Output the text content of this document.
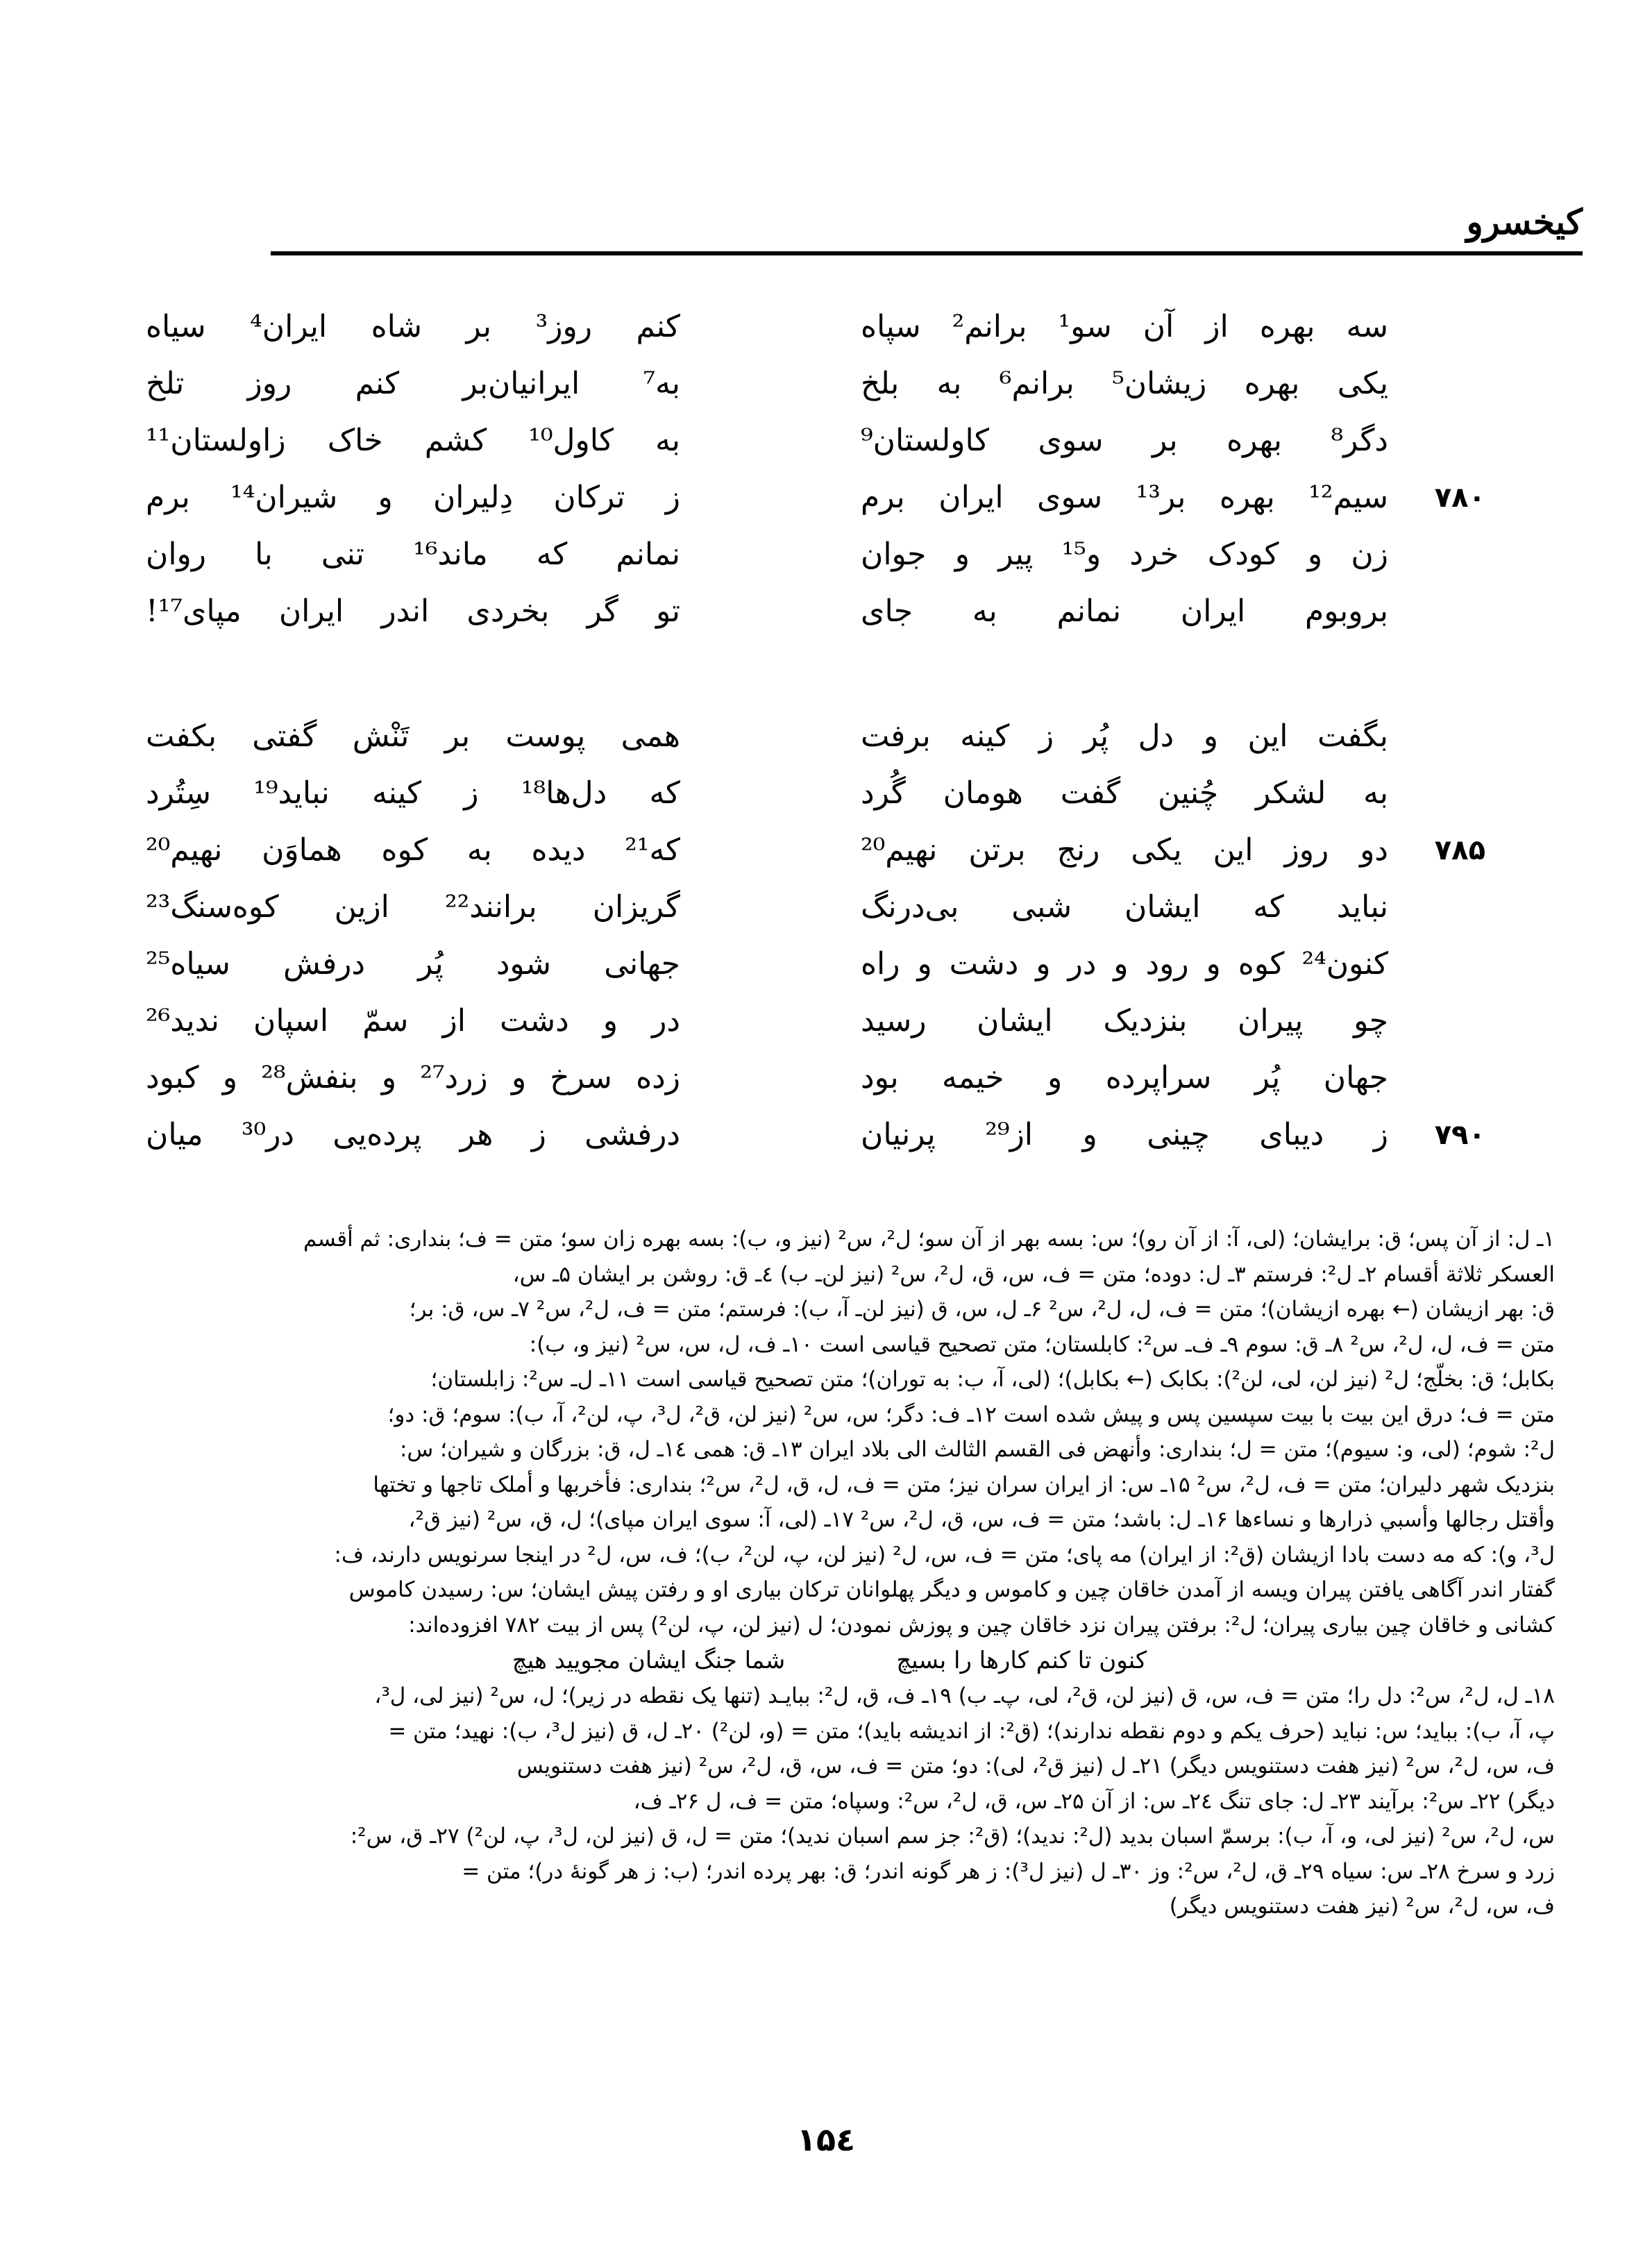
کیخسرو
سه بهره از آن سو¹ برانم² سپاه
کنم روز³ بر شاه ایران⁴ سیاه
یکی بهره زیشان⁵ برانم⁶ به بلخ
به⁷ ایرانیان‌بر کنم روز تلخ
دگر⁸ بهره بر سوی کاولستان⁹
به کاول¹⁰ کشم خاک زاولستان¹¹
۷۸۰
سیم¹² بهره بر¹³ سوی ایران برم
ز ترکان دِلیران و شیران¹⁴ برم
زن و کودک خرد و¹⁵ پیر و جوان
نمانم که ماند¹⁶ تنی با روان
بروبوم ایران نمانم به جای
تو گر بخردی اندر ایران مپای¹⁷!
بگفت این و دل پُر ز کینه برفت
همی پوست بر تَنْش گفتی بکفت
به لشکر چُنین گفت هومان گُرد
که دل‌ها¹⁸ ز کینه نباید¹⁹ سِتُرد
۷۸۵
دو روز این یکی رنج برتن نهیم²⁰
که²¹ دیده به کوه هماوَن نهیم²⁰
نباید که ایشان شبی بی‌درنگ
گریزان برانند²² ازین کوه‌سنگ²³
کنون²⁴ کوه و رود و در و دشت و راه
جهانی شود پُر درفش سیاه²⁵
چو پیران بنزدیک ایشان رسید
در و دشت از سمّ اسپان ندید²⁶
جهان پُر سراپرده و خیمه بود
زده سرخ و زرد²⁷ و بنفش²⁸ و کبود
۷۹۰
ز دیبای چینی و از²⁹ پرنیان
درفشی ز هر پرده‌یی در³⁰ میان
۱ـ ل: از آن پس؛ ق: برایشان؛ (لی، آ: از آن رو)؛ س: بسه بهر از آن سو؛ ل²، س² (نیز و، ب): بسه بهره زان سو؛ متن = ف؛ بنداری: ثم أقسم
العسکر ثلاثة أقسام ۲ـ ل²: فرستم ۳ـ ل: دوده؛ متن = ف، س، ق، ل²، س² (نیز لن‌ـ ب) ٤ـ ق: روشن بر ایشان ۵ـ س،
ق: بهر ازیشان (← بهره ازیشان)؛ متن = ف، ل، ل²، س² ۶ـ ل، س، ق (نیز لن‌ـ آ، ب): فرستم؛ متن = ف، ل²، س² ۷ـ س، ق: بر؛
متن = ف، ل، ل²، س² ۸ـ ق: سوم ۹ـ ف‌ـ س²: کابلستان؛ متن تصحیح قیاسی است ۱۰ـ ف، ل، س، س² (نیز و، ب):
بکابل؛ ق: بخلّج؛ ل² (نیز لن، لی، لن²): بکابک (← بکابل)؛ (لی، آ، ب: به توران)؛ متن تصحیح قیاسی است ۱۱ـ ل‌ـ س²: زابلستان؛
متن = ف؛ درق این بیت با بیت سپسین پس و پیش شده است ۱۲ـ ف: دگر؛ س، س² (نیز لن، ق²، ل³، پ، لن²، آ، ب): سوم؛ ق: دو؛
ل²: شوم؛ (لی، و: سیوم)؛ متن = ل؛ بنداری: وأنهض فی القسم الثالث الی بلاد ایران ۱۳ـ ق: همی ۱٤ـ ل، ق: بزرگان و شیران؛ س:
بنزدیک شهر دلیران؛ متن = ف، ل²، س² ۱۵ـ س: از ایران سران نیز؛ متن = ف، ل، ق، ل²، س²؛ بنداری: فأخربها و أملک تاجها و تختها
وأقتل رجالها وأسبي ذرارها و نساءها ۱۶ـ ل: باشد؛ متن = ف، س، ق، ل²، س² ۱۷ـ (لی، آ: سوی ایران مپای)؛ ل، ق، س² (نیز ق²،
ل³، و): که مه دست بادا ازیشان (ق²: از ایران) مه پای؛ متن = ف، س، ل² (نیز لن، پ، لن²، ب)؛ ف، س، ل² در اینجا سرنویس دارند، ف:
گفتار اندر آگاهی یافتن پیران ویسه از آمدن خاقان چین و کاموس و دیگر پهلوانان ترکان بیاری او و رفتن پیش ایشان؛ س: رسیدن کاموس
کشانی و خاقان چین بیاری پیران؛ ل²: برفتن پیران نزد خاقان چین و پوزش نمودن؛ ل (نیز لن، پ، لن²) پس از بیت ۷۸۲ افزوده‌اند:
کنون تا کنم کارها را بسیچ
شما جنگ ایشان مجویید هیچ
۱۸ـ ل، ل²، س²: دل را؛ متن = ف، س، ق (نیز لن، ق²، لی، پ‌ـ ب) ۱۹ـ ف، ق، ل²: ببایـد (تنها یک نقطه در زیر)؛ ل، س² (نیز لی، ل³،
پ، آ، ب): بباید؛ س: نباید (حرف یکم و دوم نقطه ندارند)؛ (ق²: از اندیشه باید)؛ متن = (و، لن²) ۲۰ـ ل، ق (نیز ل³، ب): نهید؛ متن =
ف، س، ل²، س² (نیز هفت دستنویس دیگر) ۲۱ـ ل (نیز ق²، لی): دو؛ متن = ف، س، ق، ل²، س² (نیز هفت دستنویس
دیگر) ۲۲ـ س²: برآیند ۲۳ـ ل: جای تنگ ۲٤ـ س: از آن ۲۵ـ س، ق، ل²، س²: وسپاه؛ متن = ف، ل ۲۶ـ ف،
س، ل²، س² (نیز لی، و، آ، ب): برسمّ اسبان بدید (ل²: ندید)؛ (ق²: جز سم اسبان ندید)؛ متن = ل، ق (نیز لن، ل³، پ، لن²) ۲۷ـ ق، س²:
زرد و سرخ ۲۸ـ س: سیاه ۲۹ـ ق، ل²، س²: وز ۳۰ـ ل (نیز ل³): ز هر گونه اندر؛ ق: بهر پرده اندر؛ (ب: ز هر گونهٔ در)؛ متن =
ف، س، ل²، س² (نیز هفت دستنویس دیگر)
۱۵٤
